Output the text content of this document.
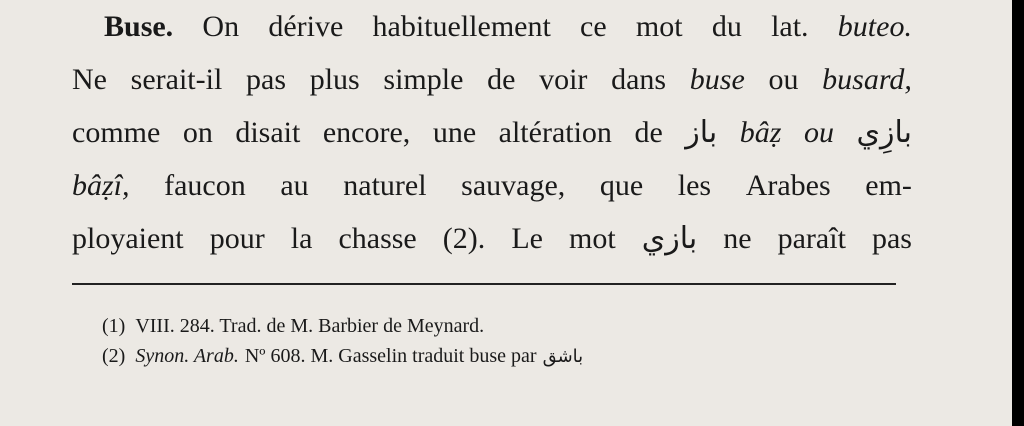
Buse. On dérive habituellement ce mot du lat. buteo.
Ne serait-il pas plus simple de voir dans buse ou busard,
comme on disait encore, une altération de باز bâẓ ou بازِي
bâẓî, faucon au naturel sauvage, que les Arabes em-
ployaient pour la chasse (2). Le mot بازي ne paraît pas
(1) VIII. 284. Trad. de M. Barbier de Meynard.
(2) Synon. Arab. Nº 608. M. Gasselin traduit buse par باشق
